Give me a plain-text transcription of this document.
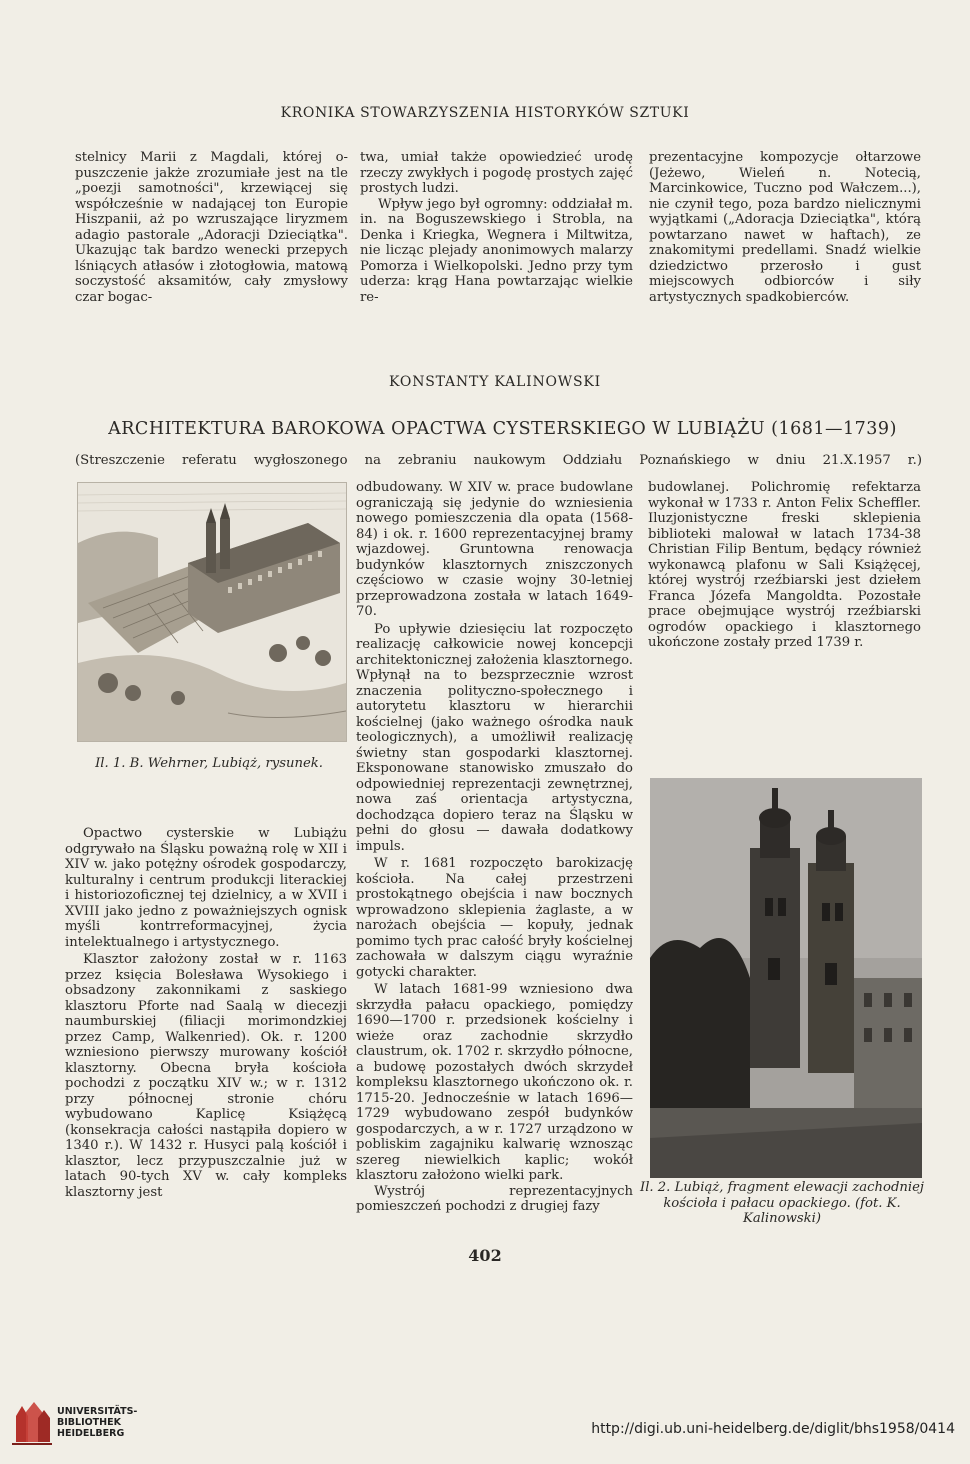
KRONIKA STOWARZYSZENIA HISTORYKÓW SZTUKI

stelnicy Marii z Magdali, której o-puszczenie jakże zrozumiałe jest na tle „poezji samotności", krzewiącej się współcześnie w nadającej ton Europie Hiszpanii, aż po wzruszające liryzmem adagio pastorale „Adoracji Dzieciątka". Ukazując tak bardzo wenecki przepych lśniących atłasów i złotogłowia, matową soczystość aksamitów, cały zmysłowy czar bogac-

twa, umiał także opowiedzieć urodę rzeczy zwykłych i pogodę prostych zajęć prostych ludzi.

Wpływ jego był ogromny: oddziałał m. in. na Boguszewskiego i Strobla, na Denka i Kriegka, Wegnera i Miltwitza, nie licząc plejady anonimowych malarzy Pomorza i Wielkopolski. Jedno przy tym uderza: krąg Hana powtarzając wielkie re-

prezentacyjne kompozycje ołtarzowe (Jeżewo, Wieleń n. Notecią, Marcinkowice, Tuczno pod Wałczem...), nie czynił tego, poza bardzo nielicznymi wyjątkami („Adoracja Dzieciątka", którą powtarzano nawet w haftach), ze znakomitymi predellami. Snadź wielkie dziedzictwo przerosło i gust miejscowych odbiorców i siły artystycznych spadkobierców.

KONSTANTY KALINOWSKI
ARCHITEKTURA BAROKOWA OPACTWA CYSTERSKIEGO W LUBIĄŻU (1681—1739)
(Streszczenie referatu wygłoszonego na zebraniu naukowym Oddziału Poznańskiego w dniu 21.X.1957 r.)
Il. 1. B. Wehrner, Lubiąż, rysunek.
Il. 2. Lubiąż, fragment elewacji zachodniej kościoła i pałacu opackiego. (fot. K. Kalinowski)

Opactwo cysterskie w Lubiążu odgrywało na Śląsku poważną rolę w XII i XIV w. jako potężny ośrodek gospodarczy, kulturalny i centrum produkcji literackiej i historiozoficznej tej dzielnicy, a w XVII i XVIII jako jedno z poważniejszych ognisk myśli kontrreformacyjnej, życia intelektualnego i artystycznego.

Klasztor założony został w r. 1163 przez księcia Bolesława Wysokiego i obsadzony zakonnikami z saskiego klasztoru Pforte nad Saalą w diecezji naumburskiej (filiacji morimondzkiej przez Camp, Walkenried). Ok. r. 1200 wzniesiono pierwszy murowany kościół klasztorny. Obecna bryła kościoła pochodzi z początku XIV w.; w r. 1312 przy północnej stronie chóru wybudowano Kaplicę Książęcą (konsekracja całości nastąpiła dopiero w 1340 r.). W 1432 r. Husyci palą kościół i klasztor, lecz przypuszczalnie już w latach 90-tych XV w. cały kompleks klasztorny jest

odbudowany. W XIV w. prace budowlane ograniczają się jedynie do wzniesienia nowego pomieszczenia dla opata (1568-84) i ok. r. 1600 reprezentacyjnej bramy wjazdowej. Gruntowna renowacja budynków klasztornych zniszczonych częściowo w czasie wojny 30-letniej przeprowadzona została w latach 1649-70.

Po upływie dziesięciu lat rozpoczęto realizację całkowicie nowej koncepcji architektonicznej założenia klasztornego. Wpłynął na to bezsprzecznie wzrost znaczenia polityczno-społecznego i autorytetu klasztoru w hierarchii kościelnej (jako ważnego ośrodka nauk teologicznych), a umożliwił realizację świetny stan gospodarki klasztornej. Eksponowane stanowisko zmuszało do odpowiedniej reprezentacji zewnętrznej, nowa zaś orientacja artystyczna, dochodząca dopiero teraz na Śląsku w pełni do głosu — dawała dodatkowy impuls.

W r. 1681 rozpoczęto barokizację kościoła. Na całej przestrzeni prostokątnego obejścia i naw bocznych wprowadzono sklepienia żaglaste, a w narożach obejścia — kopuły, jednak pomimo tych prac całość bryły kościelnej zachowała w dalszym ciągu wyraźnie gotycki charakter.

W latach 1681-99 wzniesiono dwa skrzydła pałacu opackiego, pomiędzy 1690—1700 r. przedsionek kościelny i wieże oraz zachodnie skrzydło claustrum, ok. 1702 r. skrzydło północne, a budowę pozostałych dwóch skrzydeł kompleksu klasztornego ukończono ok. r. 1715-20. Jednocześnie w latach 1696—1729 wybudowano zespół budynków gospodarczych, a w r. 1727 urządzono w pobliskim zagajniku kalwarię wznosząc szereg niewielkich kaplic; wokół klasztoru założono wielki park.

Wystrój reprezentacyjnych pomieszczeń pochodzi z drugiej fazy

budowlanej. Polichromię refektarza wykonał w 1733 r. Anton Felix Scheffler. Iluzjonistyczne freski sklepienia biblioteki malował w latach 1734-38 Christian Filip Bentum, będący również wykonawcą plafonu w Sali Książęcej, której wystrój rzeźbiarski jest dziełem Franca Józefa Mangoldta. Pozostałe prace obejmujące wystrój rzeźbiarski ogrodów opackiego i klasztornego ukończone zostały przed 1739 r.

402
UNIVERSITÄTS-
BIBLIOTHEK
HEIDELBERG	http://digi.ub.uni-heidelberg.de/diglit/bhs1958/0414
